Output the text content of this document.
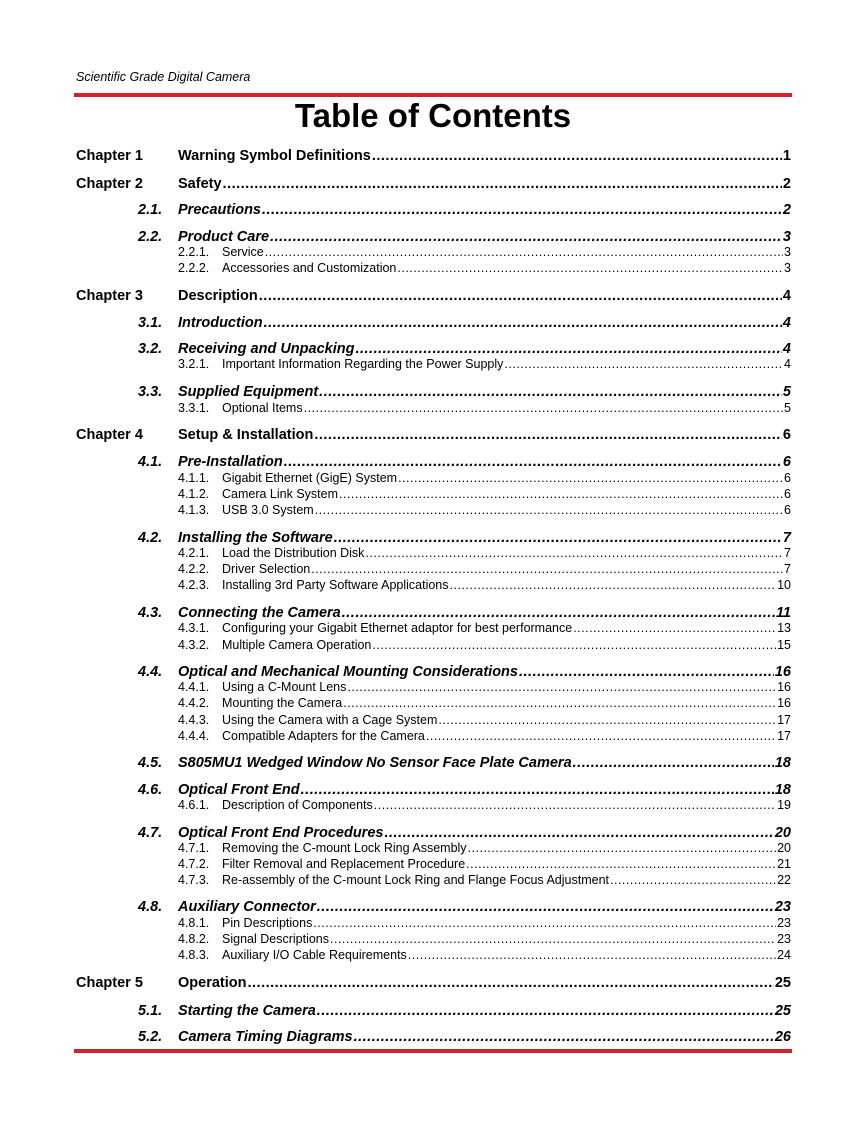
Scientific Grade Digital Camera
Table of Contents
Chapter 1	Warning Symbol Definitions .....	1
Chapter 2	Safety .....	2
2.1.	Precautions .....	2
2.2.	Product Care .....	3
2.2.1.	Service .....	3
2.2.2.	Accessories and Customization .....	3
Chapter 3	Description .....	4
3.1.	Introduction .....	4
3.2.	Receiving and Unpacking .....	4
3.2.1.	Important Information Regarding the Power Supply .....	4
3.3.	Supplied Equipment .....	5
3.3.1.	Optional Items .....	5
Chapter 4	Setup & Installation .....	6
4.1.	Pre-Installation .....	6
4.1.1.	Gigabit Ethernet (GigE) System .....	6
4.1.2.	Camera Link System .....	6
4.1.3.	USB 3.0 System .....	6
4.2.	Installing the Software .....	7
4.2.1.	Load the Distribution Disk .....	7
4.2.2.	Driver Selection .....	7
4.2.3.	Installing 3rd Party Software Applications .....	10
4.3.	Connecting the Camera .....	11
4.3.1.	Configuring your Gigabit Ethernet adaptor for best performance .....	13
4.3.2.	Multiple Camera Operation .....	15
4.4.	Optical and Mechanical Mounting Considerations .....	16
4.4.1.	Using a C-Mount Lens .....	16
4.4.2.	Mounting the Camera .....	16
4.4.3.	Using the Camera with a Cage System .....	17
4.4.4.	Compatible Adapters for the Camera .....	17
4.5.	S805MU1 Wedged Window No Sensor Face Plate Camera .....	18
4.6.	Optical Front End .....	18
4.6.1.	Description of Components .....	19
4.7.	Optical Front End Procedures .....	20
4.7.1.	Removing the C-mount Lock Ring Assembly .....	20
4.7.2.	Filter Removal and Replacement Procedure .....	21
4.7.3.	Re-assembly of the C-mount Lock Ring and Flange Focus Adjustment .....	22
4.8.	Auxiliary Connector .....	23
4.8.1.	Pin Descriptions .....	23
4.8.2.	Signal Descriptions .....	23
4.8.3.	Auxiliary I/O Cable Requirements .....	24
Chapter 5	Operation .....	25
5.1.	Starting the Camera .....	25
5.2.	Camera Timing Diagrams .....	26
